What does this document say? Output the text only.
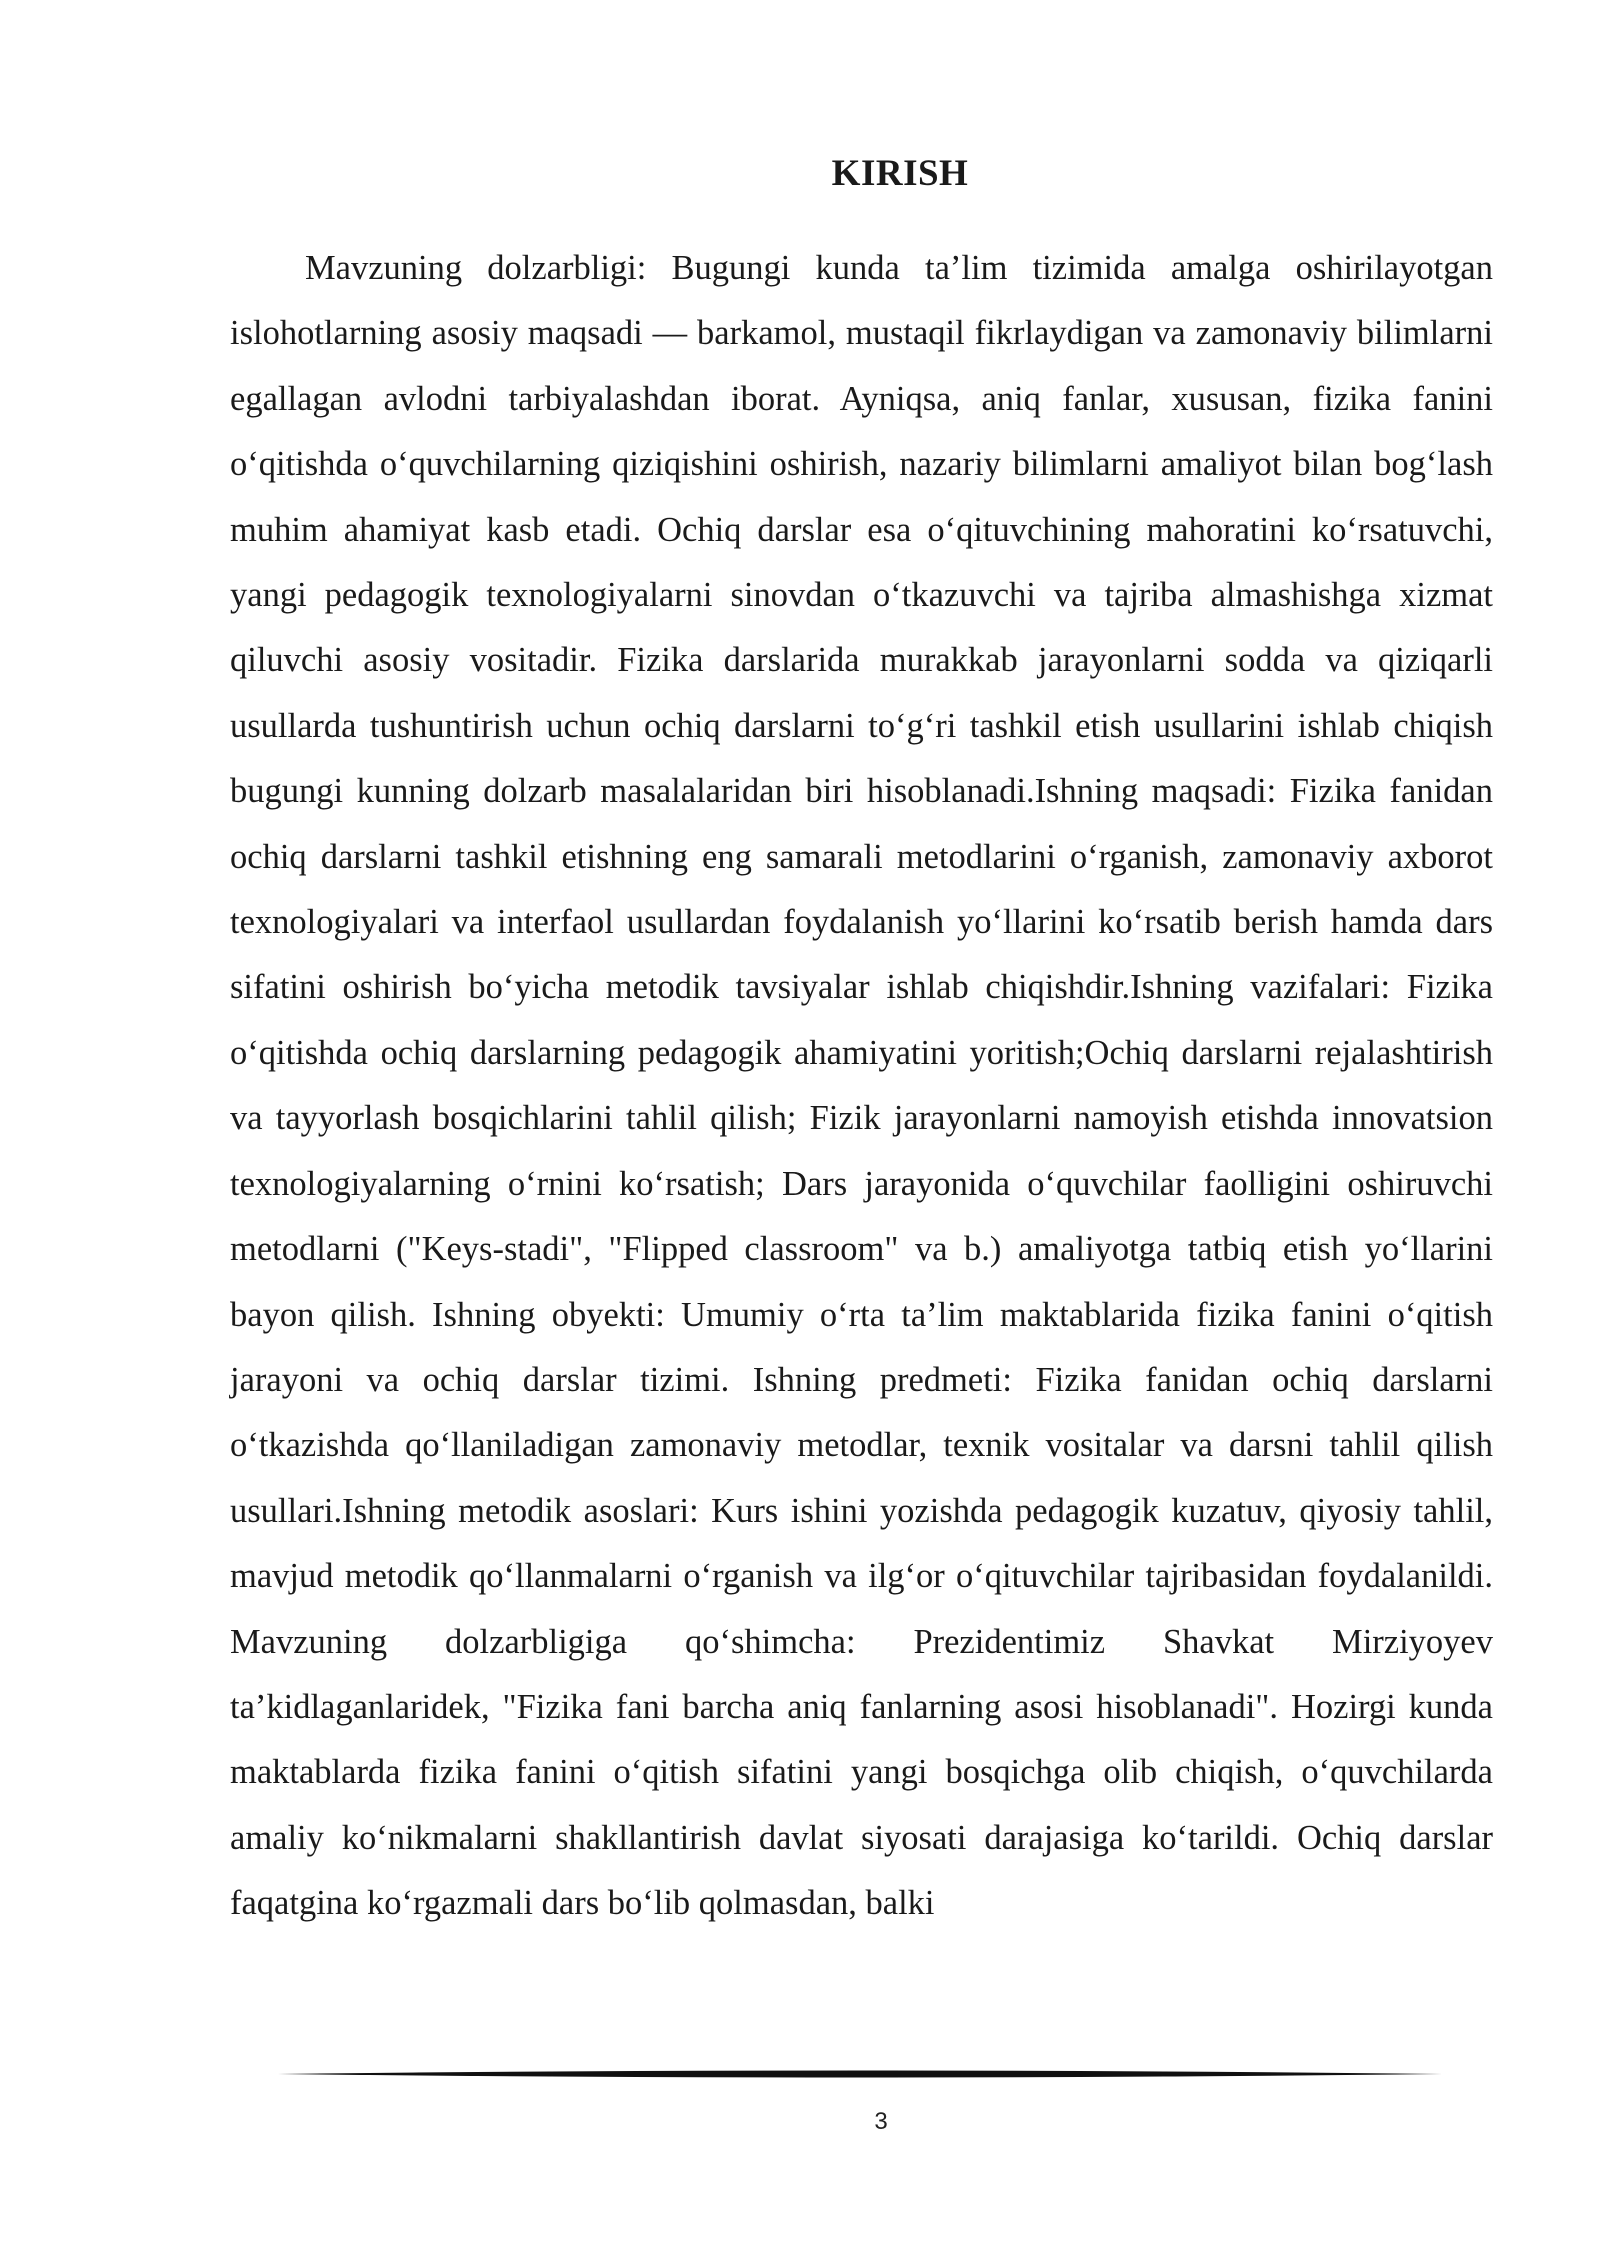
KIRISH

Mavzuning dolzarbligi: Bugungi kunda ta’lim tizimida amalga oshirilayotgan islohotlarning asosiy maqsadi — barkamol, mustaqil fikrlaydigan va zamonaviy bilimlarni egallagan avlodni tarbiyalashdan iborat. Ayniqsa, aniq fanlar, xususan, fizika fanini o‘qitishda o‘quvchilarning qiziqishini oshirish, nazariy bilimlarni amaliyot bilan bog‘lash muhim ahamiyat kasb etadi. Ochiq darslar esa o‘qituvchining mahoratini ko‘rsatuvchi, yangi pedagogik texnologiyalarni sinovdan o‘tkazuvchi va tajriba almashishga xizmat qiluvchi asosiy vositadir. Fizika darslarida murakkab jarayonlarni sodda va qiziqarli usullarda tushuntirish uchun ochiq darslarni to‘g‘ri tashkil etish usullarini ishlab chiqish bugungi kunning dolzarb masalalaridan biri hisoblanadi.Ishning maqsadi: Fizika fanidan ochiq darslarni tashkil etishning eng samarali metodlarini o‘rganish, zamonaviy axborot texnologiyalari va interfaol usullardan foydalanish yo‘llarini ko‘rsatib berish hamda dars sifatini oshirish bo‘yicha metodik tavsiyalar ishlab chiqishdir.Ishning vazifalari: Fizika o‘qitishda ochiq darslarning pedagogik ahamiyatini yoritish;Ochiq darslarni rejalashtirish va tayyorlash bosqichlarini tahlil qilish; Fizik jarayonlarni namoyish etishda innovatsion texnologiyalarning o‘rnini ko‘rsatish; Dars jarayonida o‘quvchilar faolligini oshiruvchi metodlarni ("Keys-stadi", "Flipped classroom" va b.) amaliyotga tatbiq etish yo‘llarini bayon qilish. Ishning obyekti: Umumiy o‘rta ta’lim maktablarida fizika fanini o‘qitish jarayoni va ochiq darslar tizimi. Ishning predmeti: Fizika fanidan ochiq darslarni o‘tkazishda qo‘llaniladigan zamonaviy metodlar, texnik vositalar va darsni tahlil qilish usullari.Ishning metodik asoslari: Kurs ishini yozishda pedagogik kuzatuv, qiyosiy tahlil, mavjud metodik qo‘llanmalarni o‘rganish va ilg‘or o‘qituvchilar tajribasidan foydalanildi. Mavzuning dolzarbligiga qo‘shimcha: Prezidentimiz Shavkat Mirziyoyev ta’kidlaganlaridek, "Fizika fani barcha aniq fanlarning asosi hisoblanadi". Hozirgi kunda maktablarda fizika fanini o‘qitish sifatini yangi bosqichga olib chiqish, o‘quvchilarda amaliy ko‘nikmalarni shakllantirish davlat siyosati darajasiga ko‘tarildi. Ochiq darslar faqatgina ko‘rgazmali dars bo‘lib qolmasdan, balki

3
